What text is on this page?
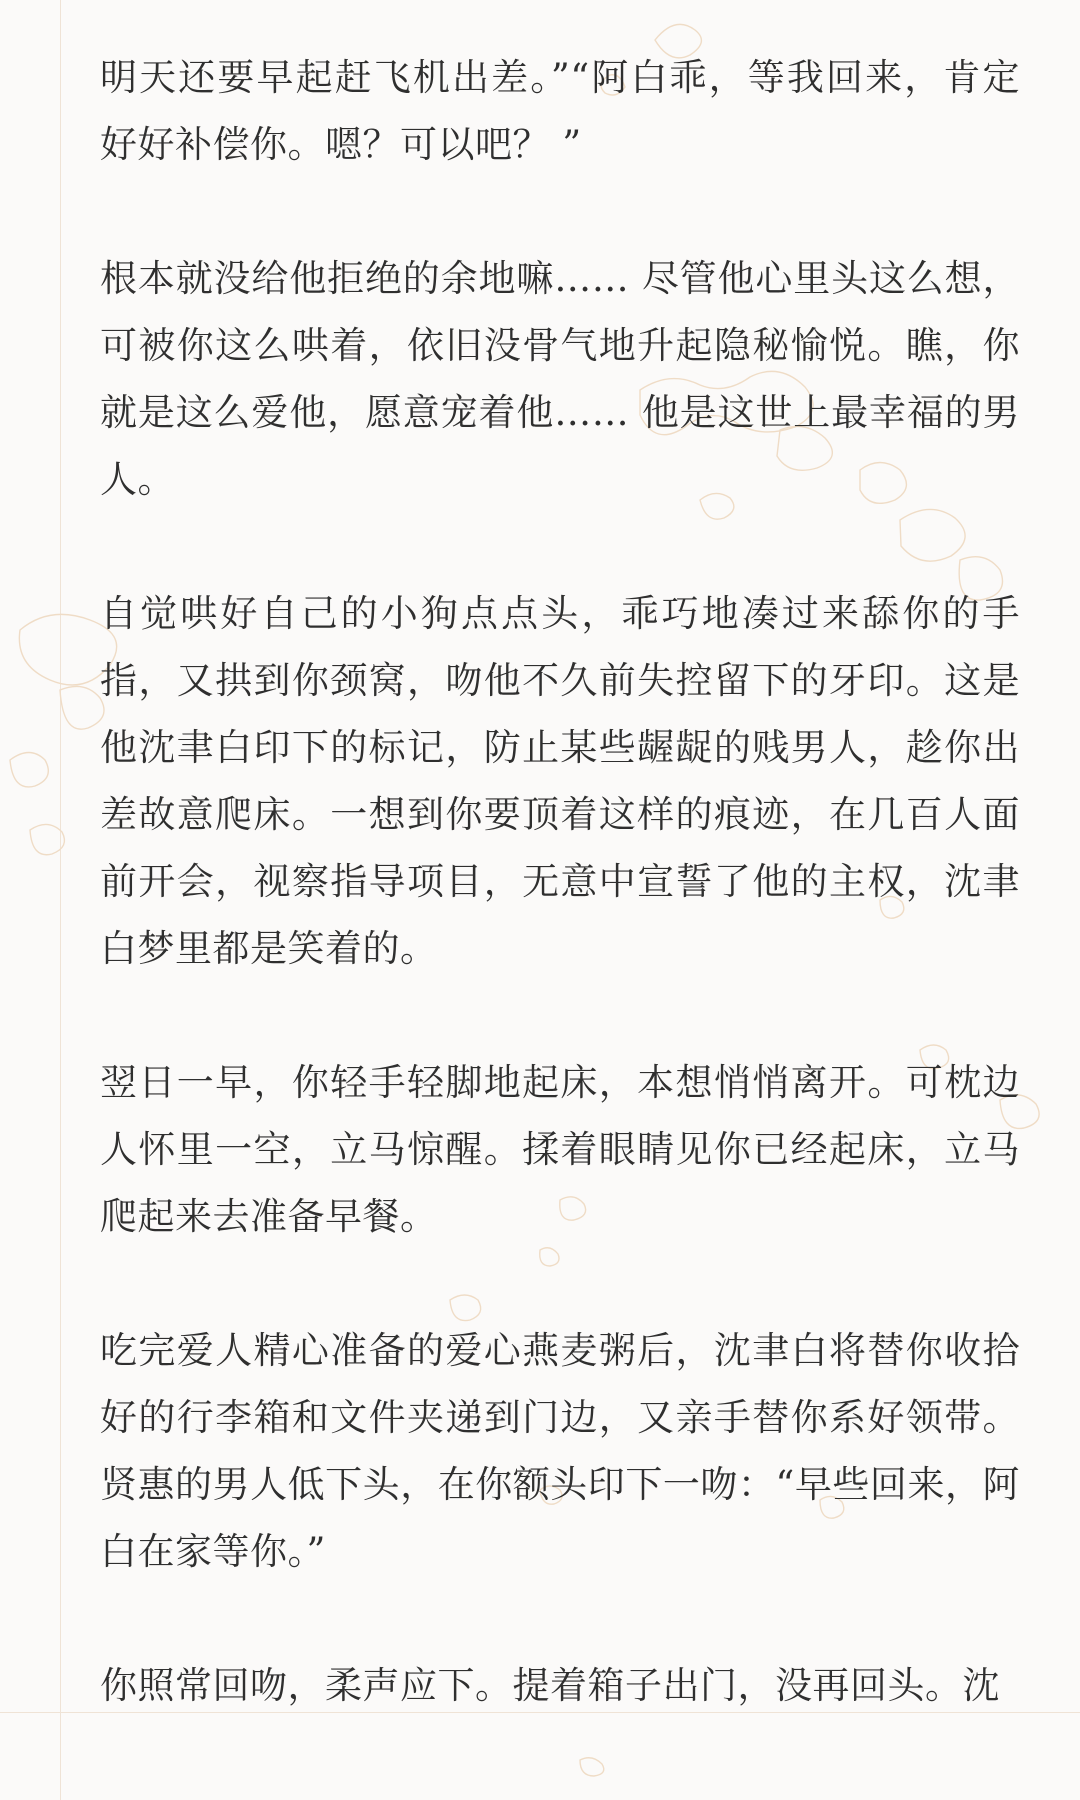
明天还要早起赶飞机出差。”“阿白乖，等我回来，肯定好好补偿你。嗯？可以吧？ ”

根本就没给他拒绝的余地嘛…… 尽管他心里头这么想，可被你这么哄着，依旧没骨气地升起隐秘愉悦。瞧，你就是这么爱他，愿意宠着他…… 他是这世上最幸福的男人。

自觉哄好自己的小狗点点头，乖巧地凑过来舔你的手指，又拱到你颈窝，吻他不久前失控留下的牙印。这是他沈聿白印下的标记，防止某些龌龊的贱男人，趁你出差故意爬床。一想到你要顶着这样的痕迹，在几百人面前开会，视察指导项目，无意中宣誓了他的主权，沈聿白梦里都是笑着的。

翌日一早，你轻手轻脚地起床，本想悄悄离开。可枕边人怀里一空，立马惊醒。揉着眼睛见你已经起床，立马爬起来去准备早餐。

吃完爱人精心准备的爱心燕麦粥后，沈聿白将替你收拾好的行李箱和文件夹递到门边，又亲手替你系好领带。贤惠的男人低下头，在你额头印下一吻：“早些回来，阿白在家等你。”

你照常回吻，柔声应下。提着箱子出门，没再回头。沈
